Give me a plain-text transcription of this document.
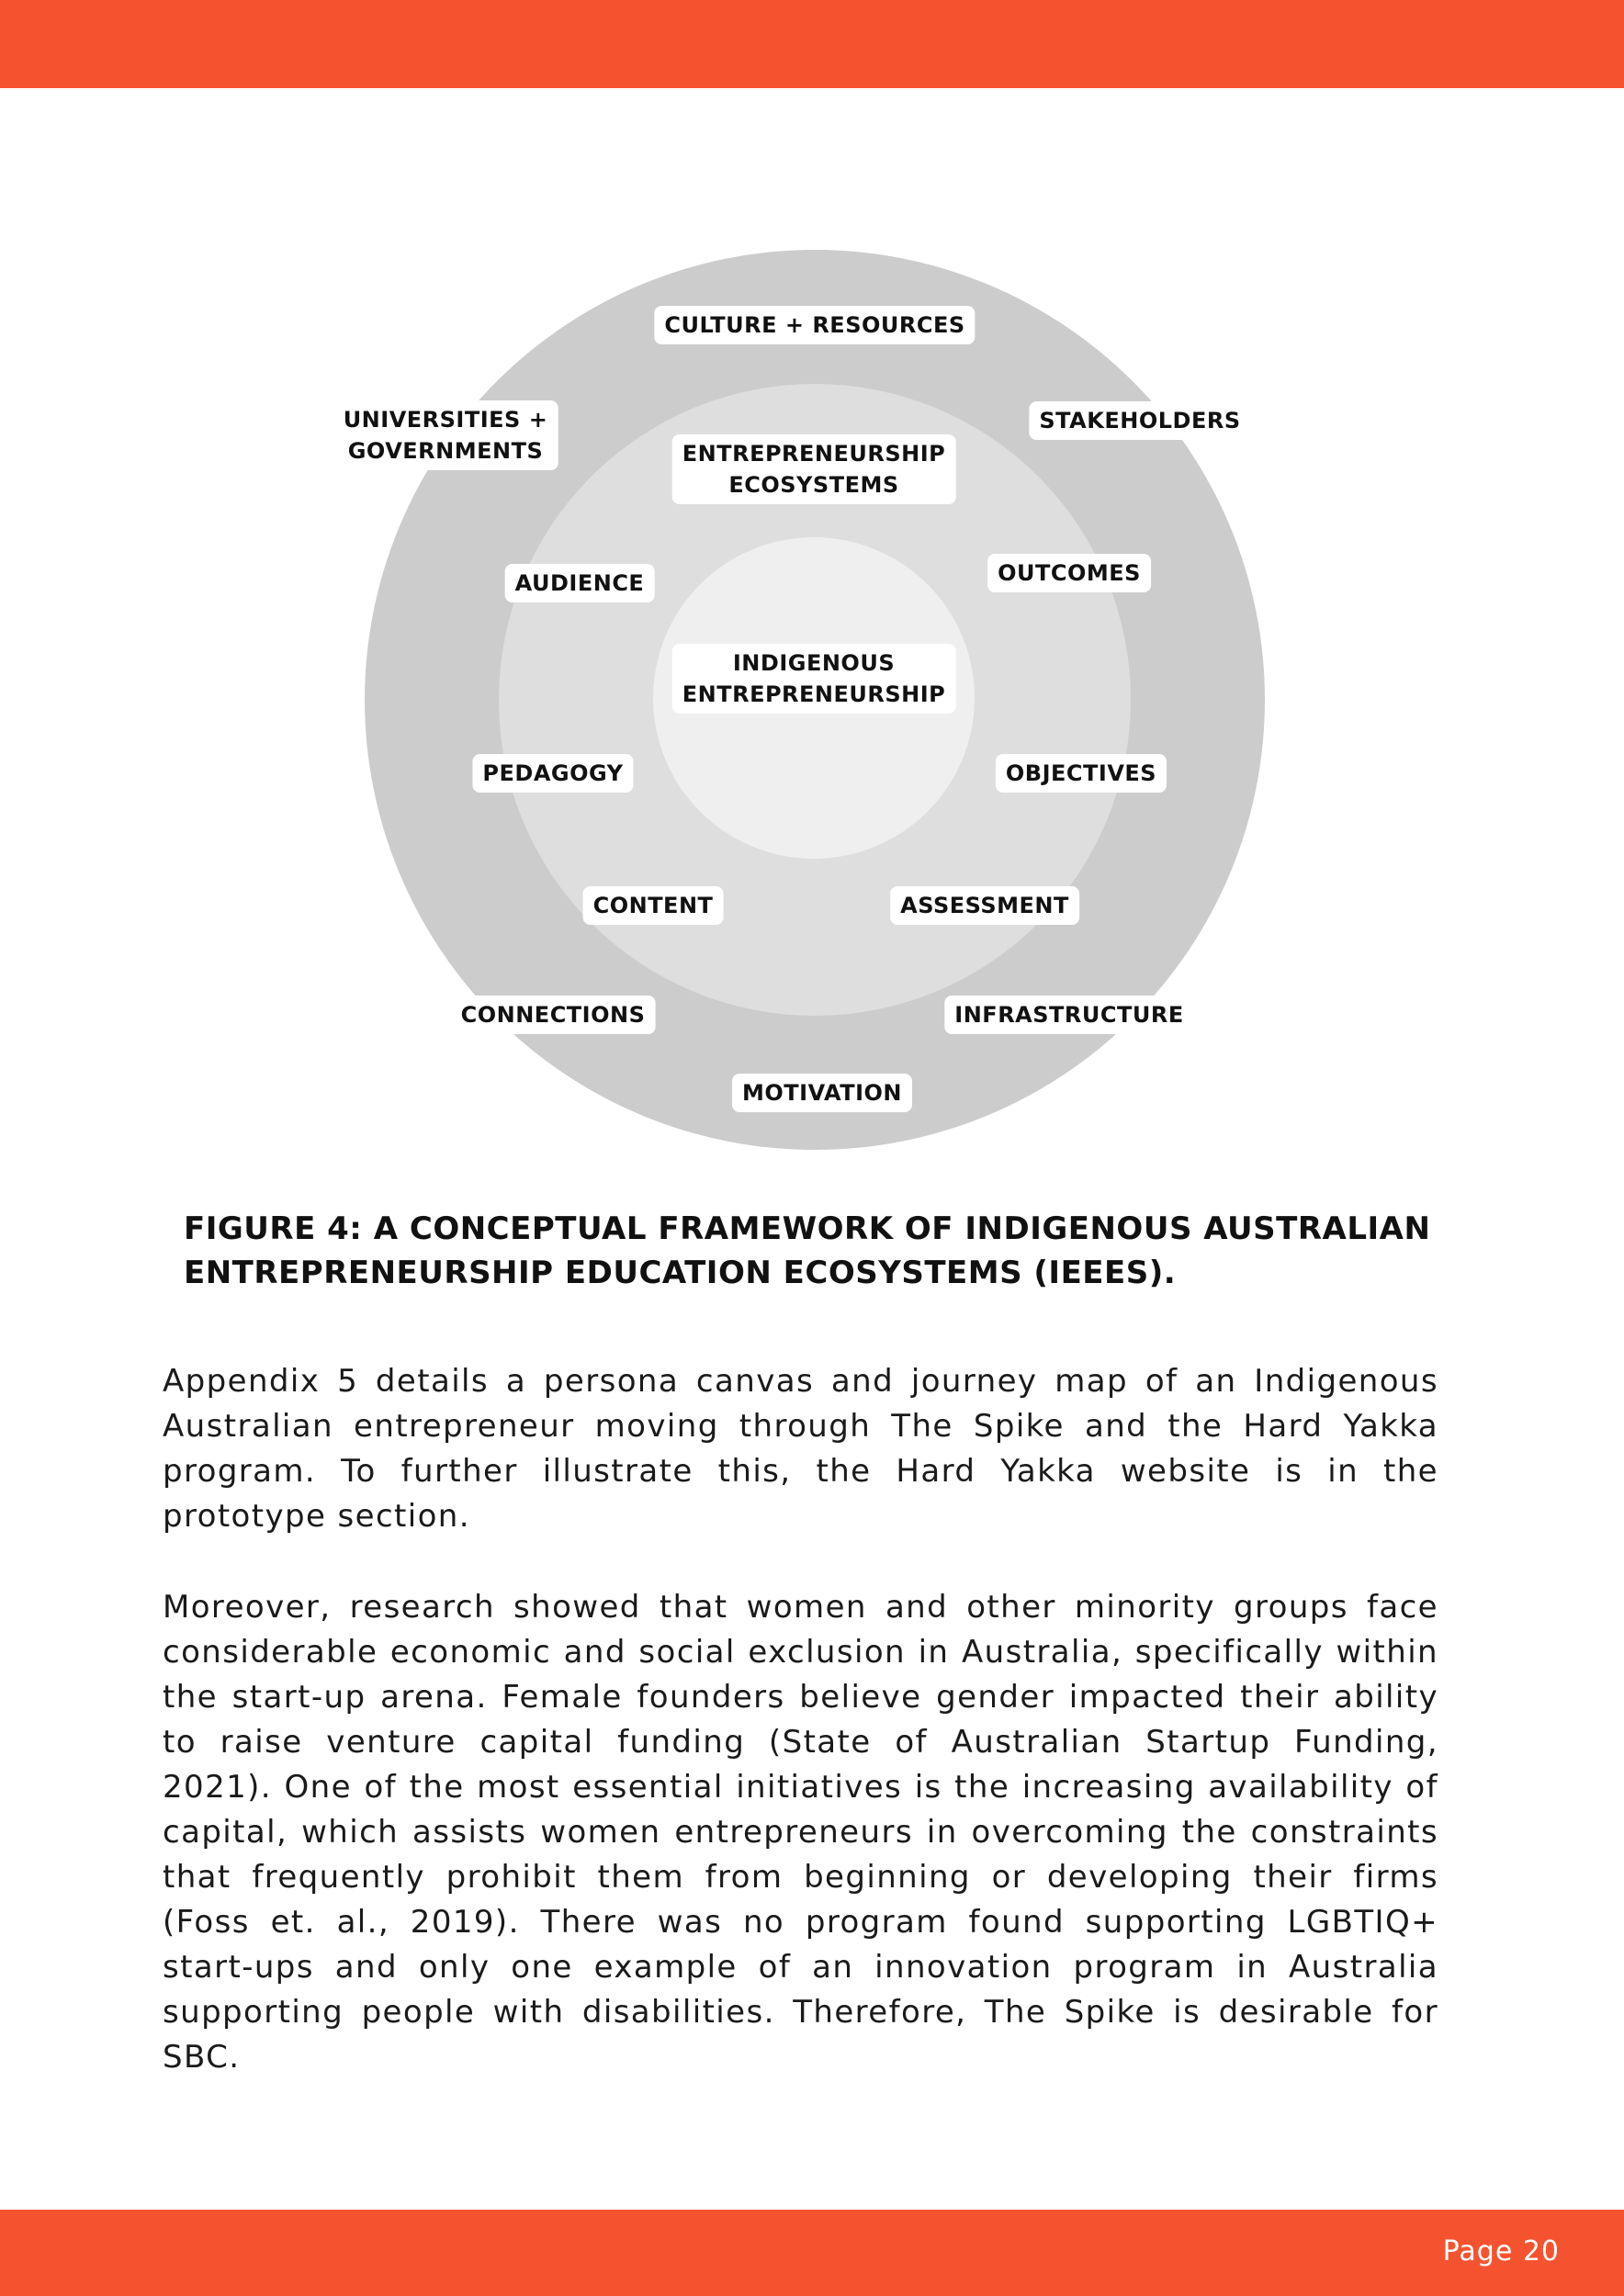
CULTURE + RESOURCES
UNIVERSITIES +
GOVERNMENTS
STAKEHOLDERS
ENTREPRENEURSHIP
ECOSYSTEMS
AUDIENCE	OUTCOMES
INDIGENOUS
ENTREPRENEURSHIP
PEDAGOGY	OBJECTIVES
CONTENT	ASSESSMENT
CONNECTIONS	INFRASTRUCTURE
MOTIVATION
FIGURE 4: A CONCEPTUAL FRAMEWORK OF INDIGENOUS AUSTRALIAN ENTREPRENEURSHIP EDUCATION ECOSYSTEMS (IEEES).

Appendix 5 details a persona canvas and journey map of an Indigenous Australian entrepreneur moving through The Spike and the Hard Yakka program. To further illustrate this, the Hard Yakka website is in the prototype section.

Moreover, research showed that women and other minority groups face considerable economic and social exclusion in Australia, specifically within the start-up arena. Female founders believe gender impacted their ability to raise venture capital funding (State of Australian Startup Funding, 2021). One of the most essential initiatives is the increasing availability of capital, which assists women entrepreneurs in overcoming the constraints that frequently prohibit them from beginning or developing their firms (Foss et. al., 2019). There was no program found supporting LGBTIQ+ start-ups and only one example of an innovation program in Australia supporting people with disabilities. Therefore, The Spike is desirable for SBC.

Page 20
